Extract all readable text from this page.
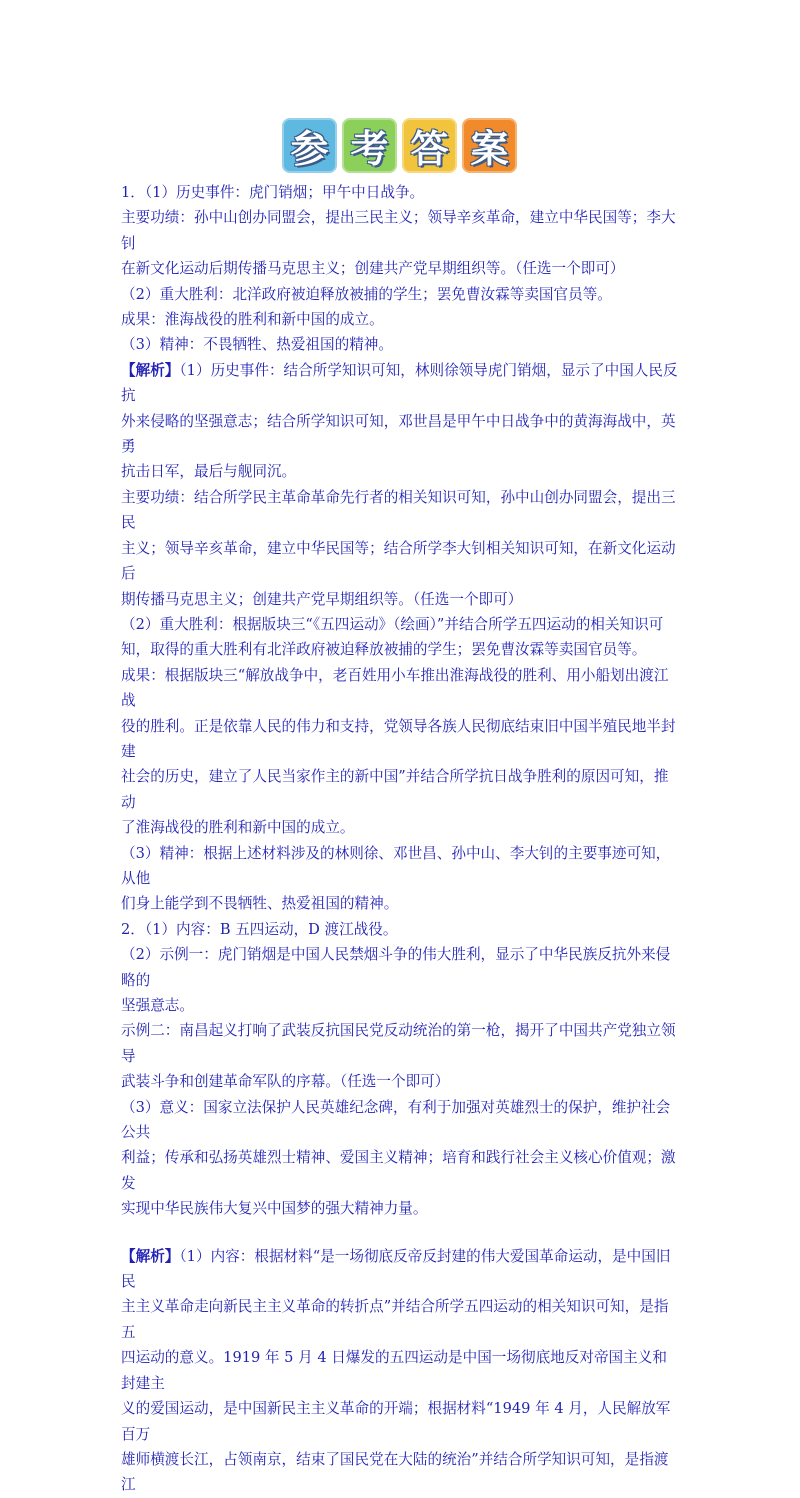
参 考 答 案

1．（1）历史事件：虎门销烟；甲午中日战争。

主要功绩：孙中山创办同盟会，提出三民主义；领导辛亥革命，建立中华民国等；李大钊

在新文化运动后期传播马克思主义；创建共产党早期组织等。（任选一个即可）

（2）重大胜利：北洋政府被迫释放被捕的学生；罢免曹汝霖等卖国官员等。

成果：淮海战役的胜利和新中国的成立。

（3）精神：不畏牺牲、热爱祖国的精神。

【解析】（1）历史事件：结合所学知识可知，林则徐领导虎门销烟，显示了中国人民反抗

外来侵略的坚强意志；结合所学知识可知，邓世昌是甲午中日战争中的黄海海战中，英勇

抗击日军，最后与舰同沉。

主要功绩：结合所学民主革命革命先行者的相关知识可知，孙中山创办同盟会，提出三民

主义；领导辛亥革命，建立中华民国等；结合所学李大钊相关知识可知，在新文化运动后

期传播马克思主义；创建共产党早期组织等。（任选一个即可）

（2）重大胜利：根据版块三“《五四运动》（绘画）”并结合所学五四运动的相关知识可

知，取得的重大胜利有北洋政府被迫释放被捕的学生；罢免曹汝霖等卖国官员等。

成果：根据版块三“解放战争中，老百姓用小车推出淮海战役的胜利、用小船划出渡江战

役的胜利。正是依靠人民的伟力和支持，党领导各族人民彻底结束旧中国半殖民地半封建

社会的历史，建立了人民当家作主的新中国”并结合所学抗日战争胜利的原因可知，推动

了淮海战役的胜利和新中国的成立。

（3）精神：根据上述材料涉及的林则徐、邓世昌、孙中山、李大钊的主要事迹可知，从他

们身上能学到不畏牺牲、热爱祖国的精神。

2．（1）内容：B 五四运动，D 渡江战役。

（2）示例一：虎门销烟是中国人民禁烟斗争的伟大胜利，显示了中华民族反抗外来侵略的

坚强意志。

示例二：南昌起义打响了武装反抗国民党反动统治的第一枪，揭开了中国共产党独立领导

武装斗争和创建革命军队的序幕。（任选一个即可）

（3）意义：国家立法保护人民英雄纪念碑，有利于加强对英雄烈士的保护，维护社会公共

利益；传承和弘扬英雄烈士精神、爱国主义精神；培育和践行社会主义核心价值观；激发

实现中华民族伟大复兴中国梦的强大精神力量。

【解析】（1）内容：根据材料“是一场彻底反帝反封建的伟大爱国革命运动，是中国旧民

主主义革命走向新民主主义革命的转折点”并结合所学五四运动的相关知识可知，是指五

四运动的意义。1919 年 5 月 4 日爆发的五四运动是中国一场彻底地反对帝国主义和封建主

义的爱国运动，是中国新民主主义革命的开端；根据材料“1949 年 4 月，人民解放军百万

雄师横渡长江，占领南京，结束了国民党在大陆的统治”并结合所学知识可知，是指渡江
